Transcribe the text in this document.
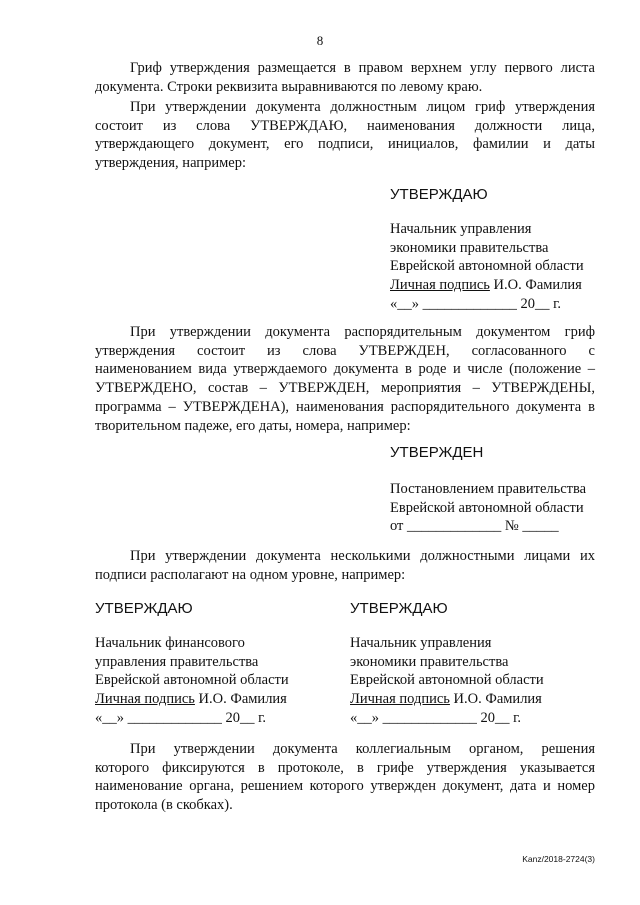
8
Гриф утверждения размещается в правом верхнем углу первого листа
документа. Строки реквизита выравниваются по левому краю.
При утверждении документа должностным лицом гриф утверждения
состоит из слова УТВЕРЖДАЮ, наименования должности лица,
утверждающего документ, его подписи, инициалов, фамилии и даты
утверждения, например:
УТВЕРЖДАЮ
Начальник управления
экономики правительства
Еврейской автономной области
Личная подпись И.О. Фамилия
«__» _____________ 20__ г.
При утверждении документа распорядительным документом гриф
утверждения состоит из слова УТВЕРЖДЕН, согласованного с
наименованием вида утверждаемого документа в роде и числе (положение –
УТВЕРЖДЕНО, состав – УТВЕРЖДЕН, мероприятия – УТВЕРЖДЕНЫ,
программа – УТВЕРЖДЕНА), наименования распорядительного документа в
творительном падеже, его даты, номера, например:
УТВЕРЖДЕН
Постановлением правительства
Еврейской автономной области
от _____________ № _____
При утверждении документа несколькими должностными лицами их
подписи располагают на одном уровне, например:
УТВЕРЖДАЮ
Начальник финансового
управления правительства
Еврейской автономной области
Личная подпись И.О. Фамилия
«__» _____________ 20__ г.
УТВЕРЖДАЮ
Начальник управления
экономики правительства
Еврейской автономной области
Личная подпись И.О. Фамилия
«__» _____________ 20__ г.
При утверждении документа коллегиальным органом, решения
которого фиксируются в протоколе, в грифе утверждения указывается
наименование органа, решением которого утвержден документ, дата и номер
протокола (в скобках).
Kanz/2018-2724(3)
